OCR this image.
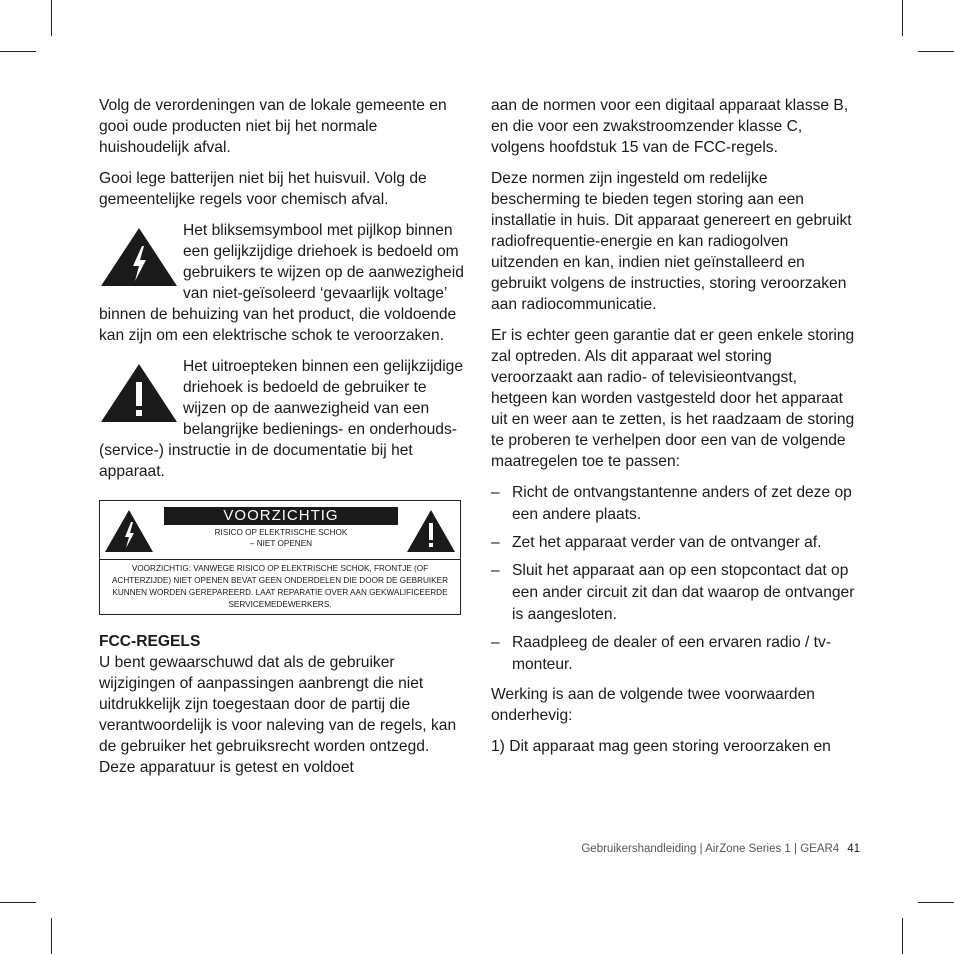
Volg de verordeningen van de lokale gemeente en gooi oude producten niet bij het normale huishoudelijk afval.

Gooi lege batterijen niet bij het huisvuil. Volg de gemeentelijke regels voor chemisch afval.

Het bliksemsymbool met pijlkop binnen een gelijkzijdige driehoek is bedoeld om gebruikers te wijzen op de aanwezigheid van niet-geïsoleerd ‘gevaarlijk voltage’ binnen de behuizing van het product, die voldoende kan zijn om een elektrische schok te veroorzaken.
Het uitroepteken binnen een gelijkzijdige driehoek is bedoeld de gebruiker te wijzen op de aanwezigheid van een belangrijke bedienings- en onderhouds- (service-) instructie in de documentatie bij het apparaat.
VOORZICHTIG
RISICO OP ELEKTRISCHE SCHOK
– NIET OPENEN
VOORZICHTIG: VANWEGE RISICO OP ELEKTRISCHE SCHOK, FRONTJE (OF ACHTERZIJDE) NIET OPENEN BEVAT GEEN ONDERDELEN DIE DOOR DE GEBRUIKER KUNNEN WORDEN GEREPAREERD. LAAT REPARATIE OVER AAN GEKWALIFICEERDE SERVICEMEDEWERKERS.

FCC-REGELS
U bent gewaarschuwd dat als de gebruiker wijzigingen of aanpassingen aanbrengt die niet uitdrukkelijk zijn toegestaan door de partij die verantwoordelijk is voor naleving van de regels, kan de gebruiker het gebruiksrecht worden ontzegd. Deze apparatuur is getest en voldoet

aan de normen voor een digitaal apparaat klasse B, en die voor een zwakstroomzender klasse C, volgens hoofdstuk 15 van de FCC-regels.

Deze normen zijn ingesteld om redelijke bescherming te bieden tegen storing aan een installatie in huis. Dit apparaat genereert en gebruikt radiofrequentie-energie en kan radiogolven uitzenden en kan, indien niet geïnstalleerd en gebruikt volgens de instructies, storing veroorzaken aan radiocommunicatie.

Er is echter geen garantie dat er geen enkele storing zal optreden. Als dit apparaat wel storing veroorzaakt aan radio- of televisieontvangst, hetgeen kan worden vastgesteld door het apparaat uit en weer aan te zetten, is het raadzaam de storing te proberen te verhelpen door een van de volgende maatregelen toe te passen:

– Richt de ontvangstantenne anders of zet deze op een andere plaats.
– Zet het apparaat verder van de ontvanger af.
– Sluit het apparaat aan op een stopcontact dat op een ander circuit zit dan dat waarop de ontvanger is aangesloten.
– Raadpleeg de dealer of een ervaren radio / tv-monteur.

Werking is aan de volgende twee voorwaarden onderhevig:

1) Dit apparaat mag geen storing veroorzaken en

Gebruikershandleiding | AirZone Series 1 | GEAR4 41
